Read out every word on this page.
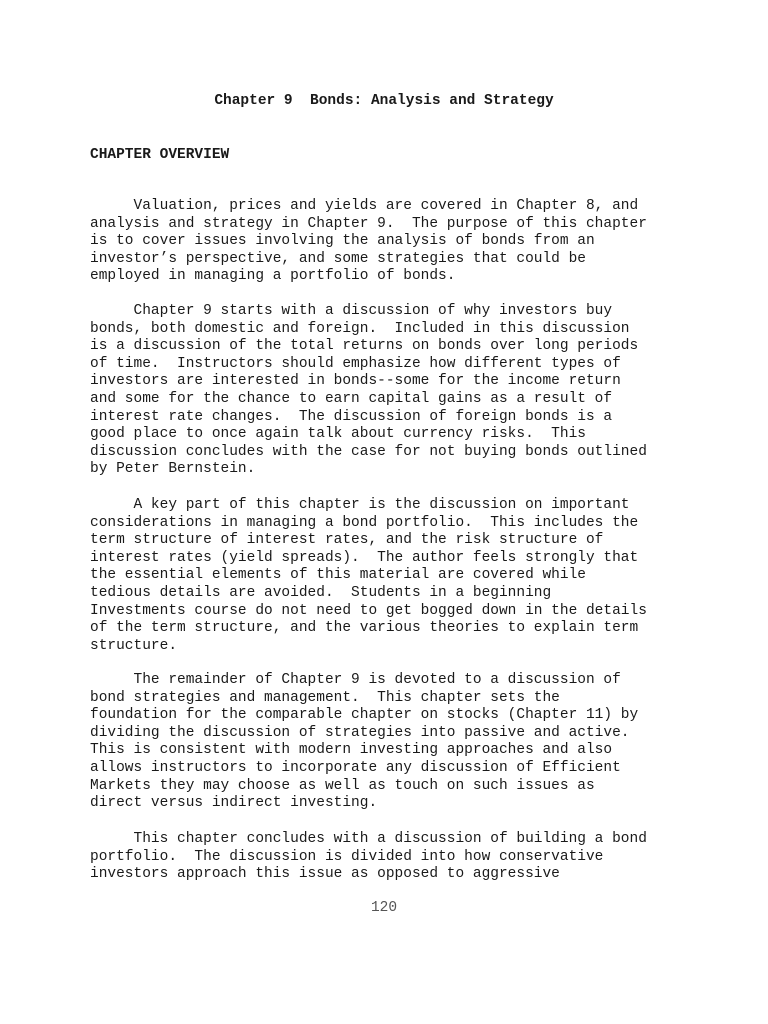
Chapter 9  Bonds: Analysis and Strategy
CHAPTER OVERVIEW

Valuation, prices and yields are covered in Chapter 8, and
analysis and strategy in Chapter 9.  The purpose of this chapter
is to cover issues involving the analysis of bonds from an
investor’s perspective, and some strategies that could be
employed in managing a portfolio of bonds.

Chapter 9 starts with a discussion of why investors buy
bonds, both domestic and foreign.  Included in this discussion
is a discussion of the total returns on bonds over long periods
of time.  Instructors should emphasize how different types of
investors are interested in bonds--some for the income return
and some for the chance to earn capital gains as a result of
interest rate changes.  The discussion of foreign bonds is a
good place to once again talk about currency risks.  This
discussion concludes with the case for not buying bonds outlined
by Peter Bernstein.

A key part of this chapter is the discussion on important
considerations in managing a bond portfolio.  This includes the
term structure of interest rates, and the risk structure of
interest rates (yield spreads).  The author feels strongly that
the essential elements of this material are covered while
tedious details are avoided.  Students in a beginning
Investments course do not need to get bogged down in the details
of the term structure, and the various theories to explain term
structure.

The remainder of Chapter 9 is devoted to a discussion of
bond strategies and management.  This chapter sets the
foundation for the comparable chapter on stocks (Chapter 11) by
dividing the discussion of strategies into passive and active.
This is consistent with modern investing approaches and also
allows instructors to incorporate any discussion of Efficient
Markets they may choose as well as touch on such issues as
direct versus indirect investing.

This chapter concludes with a discussion of building a bond
portfolio.  The discussion is divided into how conservative
investors approach this issue as opposed to aggressive

120
